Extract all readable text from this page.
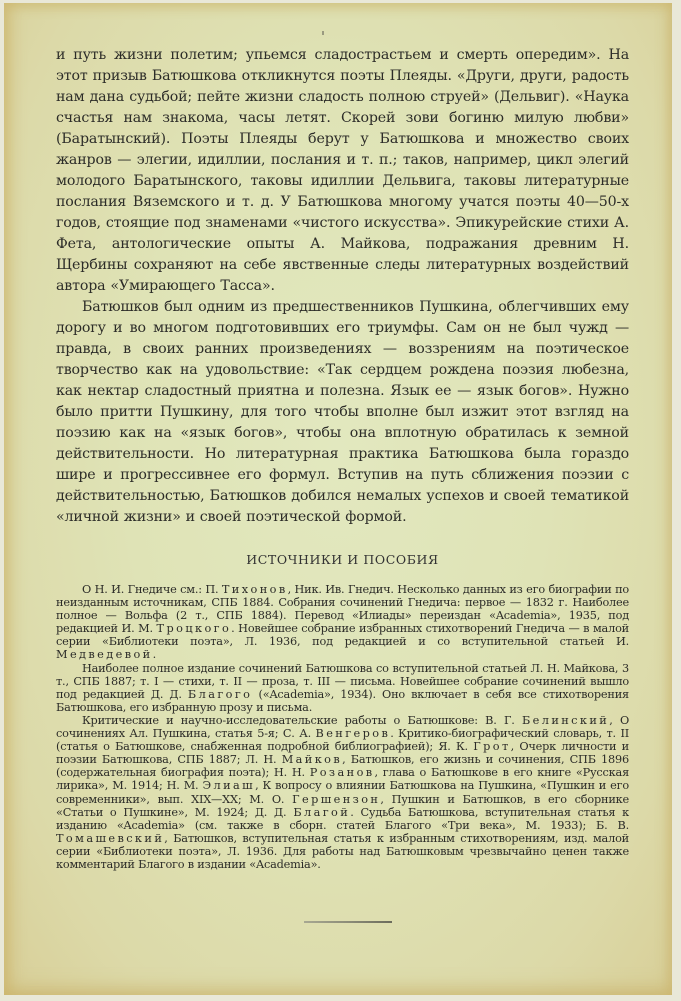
и путь жизни полетим; упьемся сладострастьем и смерть опередим». На этот призыв Батюшкова откликнутся поэты Плеяды. «Други, други, радость нам дана судьбой; пейте жизни сладость полною струей» (Дельвиг). «Наука счастья нам знакома, часы летят. Скорей зови богиню милую любви» (Баратынский). Поэты Плеяды берут у Батюшкова и множество своих жанров — элегии, идиллии, послания и т. п.; таков, например, цикл элегий молодого Баратынского, таковы идиллии Дельвига, таковы литературные послания Вяземского и т. д. У Батюшкова многому учатся поэты 40—50-х годов, стоящие под знаменами «чистого искусства». Эпикурейские стихи А. Фета, антологические опыты А. Майкова, подражания древним Н. Щербины сохраняют на себе явственные следы литературных воздействий автора «Умирающего Тасса».

Батюшков был одним из предшественников Пушкина, облегчивших ему дорогу и во многом подготовивших его триумфы. Сам он не был чужд — правда, в своих ранних произведениях — воззрениям на поэтическое творчество как на удовольствие: «Так сердцем рождена поэзия любезна, как нектар сладостный приятна и полезна. Язык ее — язык богов». Нужно было притти Пушкину, для того чтобы вполне был изжит этот взгляд на поэзию как на «язык богов», чтобы она вплотную обратилась к земной действительности. Но литературная практика Батюшкова была гораздо шире и прогрессивнее его формул. Вступив на путь сближения поэзии с действительностью, Батюшков добился немалых успехов и своей тематикой «личной жизни» и своей поэтической формой.

ИСТОЧНИКИ И ПОСОБИЯ

О Н. И. Гнедиче см.: П. Тихонов, Ник. Ив. Гнедич. Несколько данных из его биографии по неизданным источникам, СПБ 1884. Собрания сочинений Гнедича: первое — 1832 г. Наиболее полное — Вольфа (2 т., СПБ 1884). Перевод «Илиады» переиздан «Academia», 1935, под редакцией И. М. Троцкого. Новейшее собрание избранных стихотворений Гнедича — в малой серии «Библиотеки поэта», Л. 1936, под редакцией и со вступительной статьей И. Медведевой.

Наиболее полное издание сочинений Батюшкова со вступительной статьей Л. Н. Майкова, 3 т., СПБ 1887; т. I — стихи, т. II — проза, т. III — письма. Новейшее собрание сочинений вышло под редакцией Д. Д. Благого («Academia», 1934). Оно включает в себя все стихотворения Батюшкова, его избранную прозу и письма.

Критические и научно-исследовательские работы о Батюшкове: В. Г. Белинский, О сочинениях Ал. Пушкина, статья 5-я; С. А. Венгеров. Критико-биографический словарь, т. II (статья о Батюшкове, снабженная подробной библиографией); Я. К. Грот, Очерк личности и поэзии Батюшкова, СПБ 1887; Л. Н. Майков, Батюшков, его жизнь и сочинения, СПБ 1896 (содержательная биография поэта); Н. Н. Розанов, глава о Батюшкове в его книге «Русская лирика», М. 1914; Н. М. Элиаш, К вопросу о влиянии Батюшкова на Пушкина, «Пушкин и его современники», вып. XIX—XX; М. О. Гершензон, Пушкин и Батюшков, в его сборнике «Статьи о Пушкине», М. 1924; Д. Д. Благой. Судьба Батюшкова, вступительная статья к изданию «Academia» (см. также в сборн. статей Благого «Три века», М. 1933); Б. В. Томашевский, Батюшков, вступительная статья к избранным стихотворениям, изд. малой серии «Библиотеки поэта», Л. 1936. Для работы над Батюшковым чрезвычайно ценен также комментарий Благого в издании «Academia».
